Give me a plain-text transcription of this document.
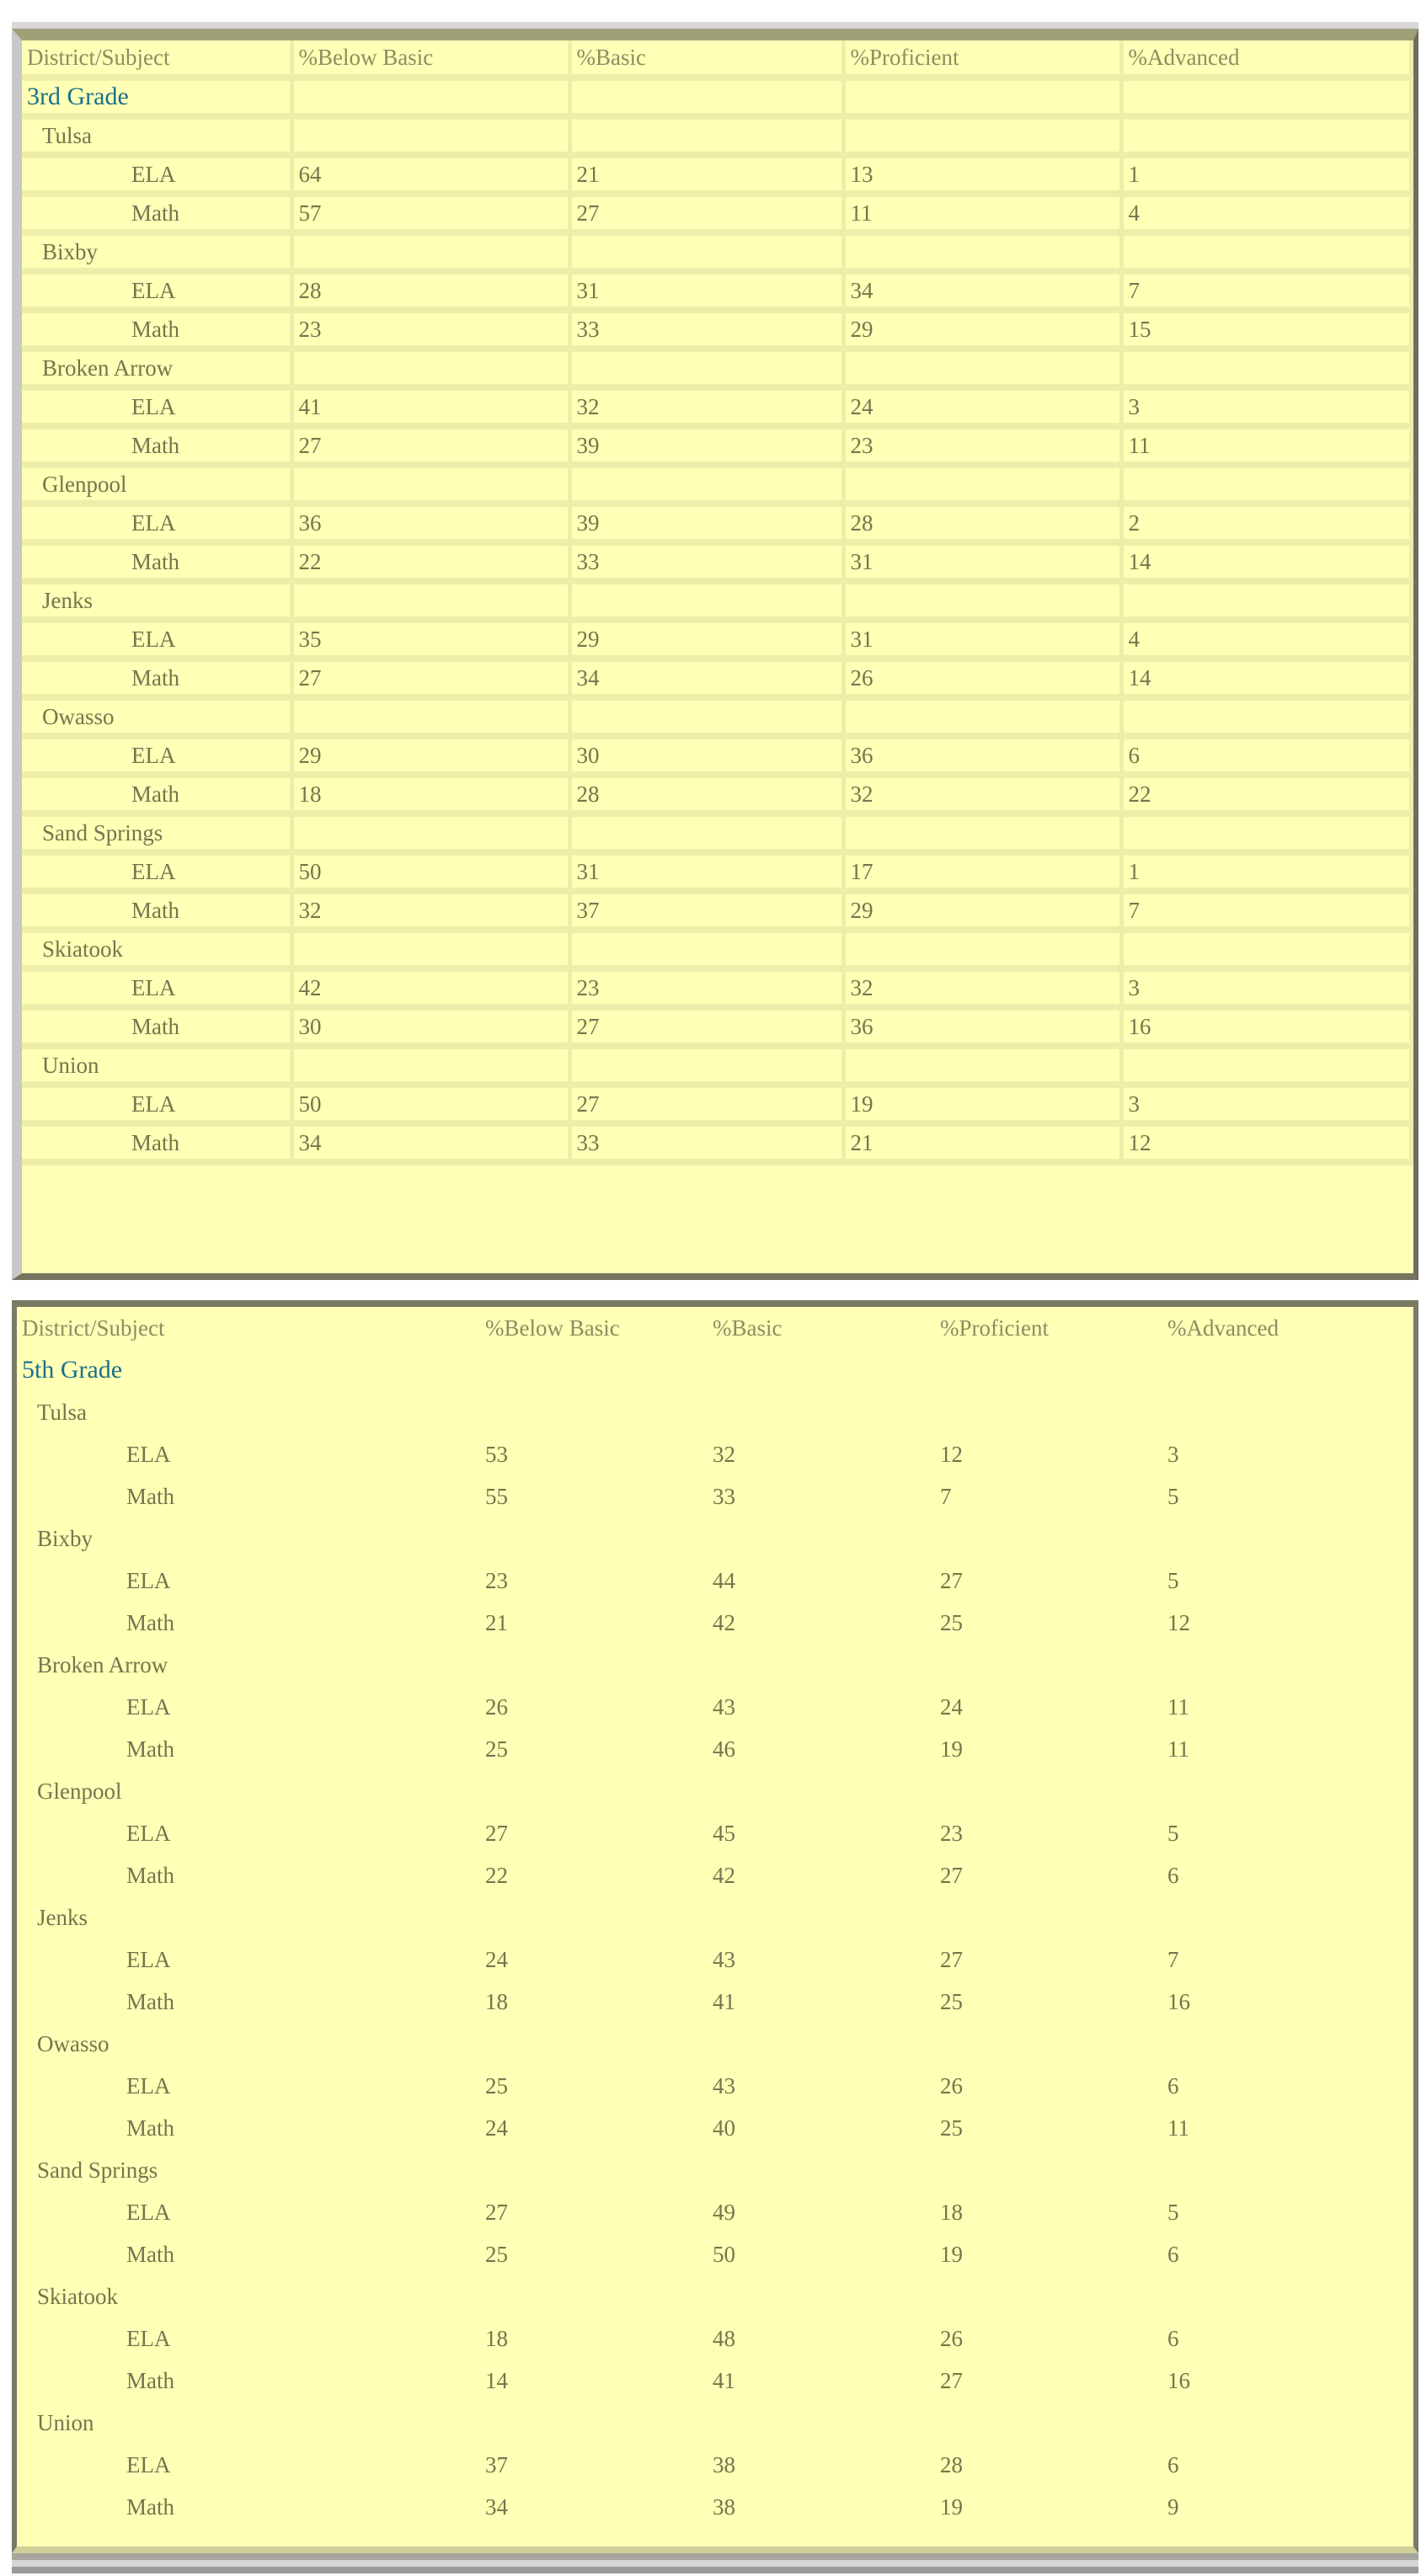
District/Subject	%Below Basic	%Basic	%Proficient	%Advanced
3rd Grade				
Tulsa				
ELA	64	21	13	1
Math	57	27	11	4
Bixby				
ELA	28	31	34	7
Math	23	33	29	15
Broken Arrow				
ELA	41	32	24	3
Math	27	39	23	11
Glenpool				
ELA	36	39	28	2
Math	22	33	31	14
Jenks				
ELA	35	29	31	4
Math	27	34	26	14
Owasso				
ELA	29	30	36	6
Math	18	28	32	22
Sand Springs				
ELA	50	31	17	1
Math	32	37	29	7
Skiatook				
ELA	42	23	32	3
Math	30	27	36	16
Union				
ELA	50	27	19	3
Math	34	33	21	12
District/Subject	%Below Basic	%Basic	%Proficient	%Advanced
5th Grade				
Tulsa				
ELA	53	32	12	3
Math	55	33	7	5
Bixby				
ELA	23	44	27	5
Math	21	42	25	12
Broken Arrow				
ELA	26	43	24	11
Math	25	46	19	11
Glenpool				
ELA	27	45	23	5
Math	22	42	27	6
Jenks				
ELA	24	43	27	7
Math	18	41	25	16
Owasso				
ELA	25	43	26	6
Math	24	40	25	11
Sand Springs				
ELA	27	49	18	5
Math	25	50	19	6
Skiatook				
ELA	18	48	26	6
Math	14	41	27	16
Union				
ELA	37	38	28	6
Math	34	38	19	9
